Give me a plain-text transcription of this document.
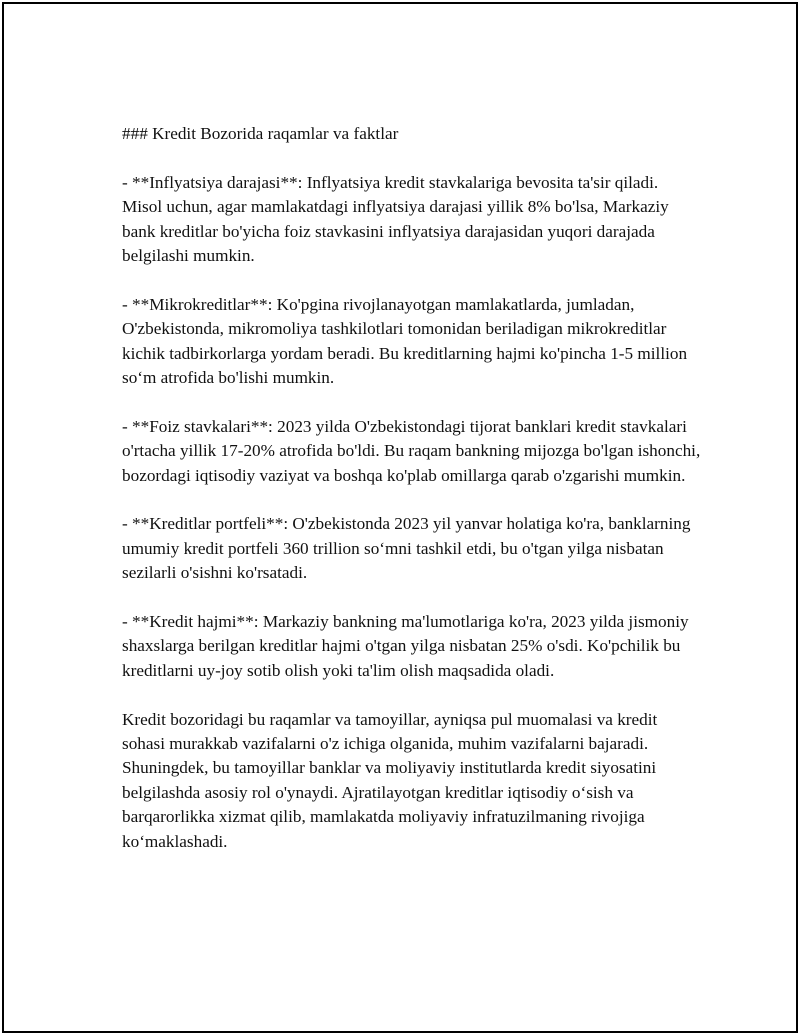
### Kredit Bozorida raqamlar va faktlar

- **Inflyatsiya darajasi**: Inflyatsiya kredit stavkalariga bevosita ta'sir qiladi. Misol uchun, agar mamlakatdagi inflyatsiya darajasi yillik 8% bo'lsa, Markaziy bank kreditlar bo'yicha foiz stavkasini inflyatsiya darajasidan yuqori darajada belgilashi mumkin.

- **Mikrokreditlar**: Ko'pgina rivojlanayotgan mamlakatlarda, jumladan, O'zbekistonda, mikromoliya tashkilotlari tomonidan beriladigan mikrokreditlar kichik tadbirkorlarga yordam beradi. Bu kreditlarning hajmi ko'pincha 1-5 million so‘m atrofida bo'lishi mumkin.

- **Foiz stavkalari**: 2023 yilda O'zbekistondagi tijorat banklari kredit stavkalari o'rtacha yillik 17-20% atrofida bo'ldi. Bu raqam bankning mijozga bo'lgan ishonchi, bozordagi iqtisodiy vaziyat va boshqa ko'plab omillarga qarab o'zgarishi mumkin.

- **Kreditlar portfeli**: O'zbekistonda 2023 yil yanvar holatiga ko'ra, banklarning umumiy kredit portfeli 360 trillion so‘mni tashkil etdi, bu o'tgan yilga nisbatan sezilarli o'sishni ko'rsatadi.

- **Kredit hajmi**: Markaziy bankning ma'lumotlariga ko'ra, 2023 yilda jismoniy shaxslarga berilgan kreditlar hajmi o'tgan yilga nisbatan 25% o'sdi. Ko'pchilik bu kreditlarni uy-joy sotib olish yoki ta'lim olish maqsadida oladi.

Kredit bozoridagi bu raqamlar va tamoyillar, ayniqsa pul muomalasi va kredit sohasi murakkab vazifalarni o'z ichiga olganida, muhim vazifalarni bajaradi. Shuningdek, bu tamoyillar banklar va moliyaviy institutlarda kredit siyosatini belgilashda asosiy rol o'ynaydi. Ajratilayotgan kreditlar iqtisodiy o‘sish va barqarorlikka xizmat qilib, mamlakatda moliyaviy infratuzilmaning rivojiga ko‘maklashadi.
